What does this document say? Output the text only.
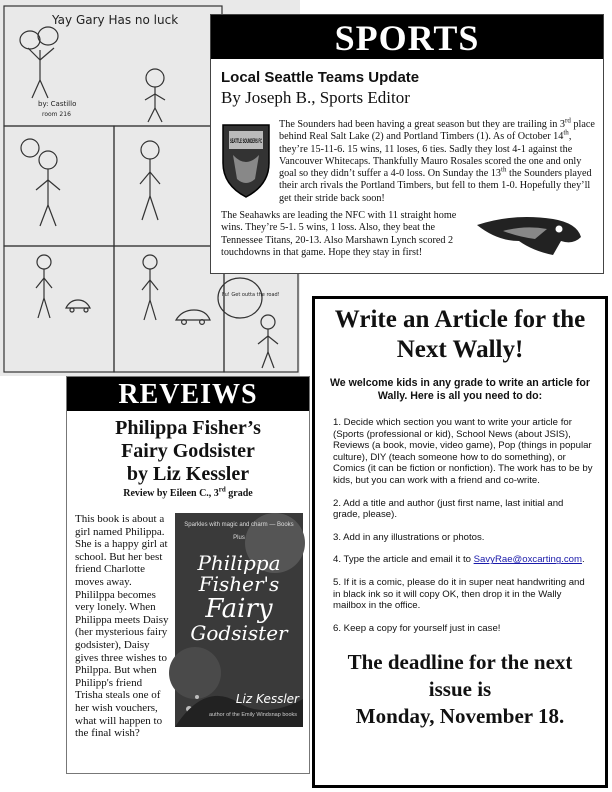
Yay Gary Has no luck
by: Castillo
room 216
Fu! Get outta the road!
SPORTS
Local Seattle Teams Update
By Joseph B., Sports Editor
SEATTLE SOUNDERS FC

The Sounders had been having a great season but they are trailing in 3rd place behind Real Salt Lake (2) and Portland Timbers (1). As of October 14th, they’re 15-11-6. 15 wins, 11 loses, 6 ties. Sadly they lost 4-1 against the Vancouver Whitecaps. Thankfully Mauro Rosales scored the one and only goal so they didn’t suffer a 4-0 loss. On Sunday the 13th the Sounders played their arch rivals the Portland Timbers, but fell to them 1-0. Hopefully they’ll get their stride back soon!

The Seahawks are leading the NFC with 11 straight home wins. They’re 5-1. 5 wins, 1 loss. Also, they beat the Tennessee Titans, 20-13. Also Marshawn Lynch scored 2 touchdowns in that game. Hope they stay in first!

REVEIWS
Philippa Fisher’s
Fairy Godsister
by Liz Kessler
Review by Eileen C., 3rd grade
Sparkles with magic and charm — Books Plus
Philippa
Fisher's
Fairy
Godsister
Liz Kessler
author of the Emily Windsnap books
This book is about a girl named Philippa. She is a happy girl at school. But her best friend Charlotte moves away. Phililppa becomes very lonely. When Philippa meets Daisy (her mysterious fairy godsister), Daisy gives three wishes to Philppa. But when Philipp's friend Trisha steals one of her wish vouchers, what will happen to the final wish?
Write an Article for the Next Wally!
We welcome kids in any grade to write an article for Wally. Here is all you need to do:
1. Decide which section you want to write your article for (Sports (professional or kid), School News (about JSIS), Reviews (a book, movie, video game), Pop (things in popular culture), DIY (teach someone how to do something), or Comics (it can be fiction or nonfiction). The work has to be by kids, but you can work with a friend and co-write.
2. Add a title and author (just first name, last initial and grade, please).
3. Add in any illustrations or photos.
4. Type the article and email it to SavyRae@oxcarting.com.
5. If it is a comic, please do it in super neat handwriting and in black ink so it will copy OK, then drop it in the Wally mailbox in the office.
6. Keep a copy for yourself just in case!
The deadline for the next
issue is
Monday, November 18.
